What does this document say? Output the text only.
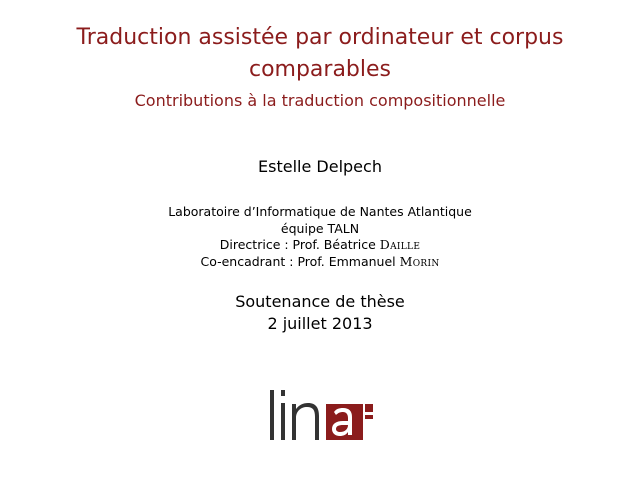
Traduction assistée par ordinateur et corpus
comparables
Contributions à la traduction compositionnelle
Estelle Delpech
Laboratoire d’Informatique de Nantes Atlantique
équipe TALN
Directrice : Prof. Béatrice Daille
Co-encadrant : Prof. Emmanuel Morin
Soutenance de thèse
2 juillet 2013
